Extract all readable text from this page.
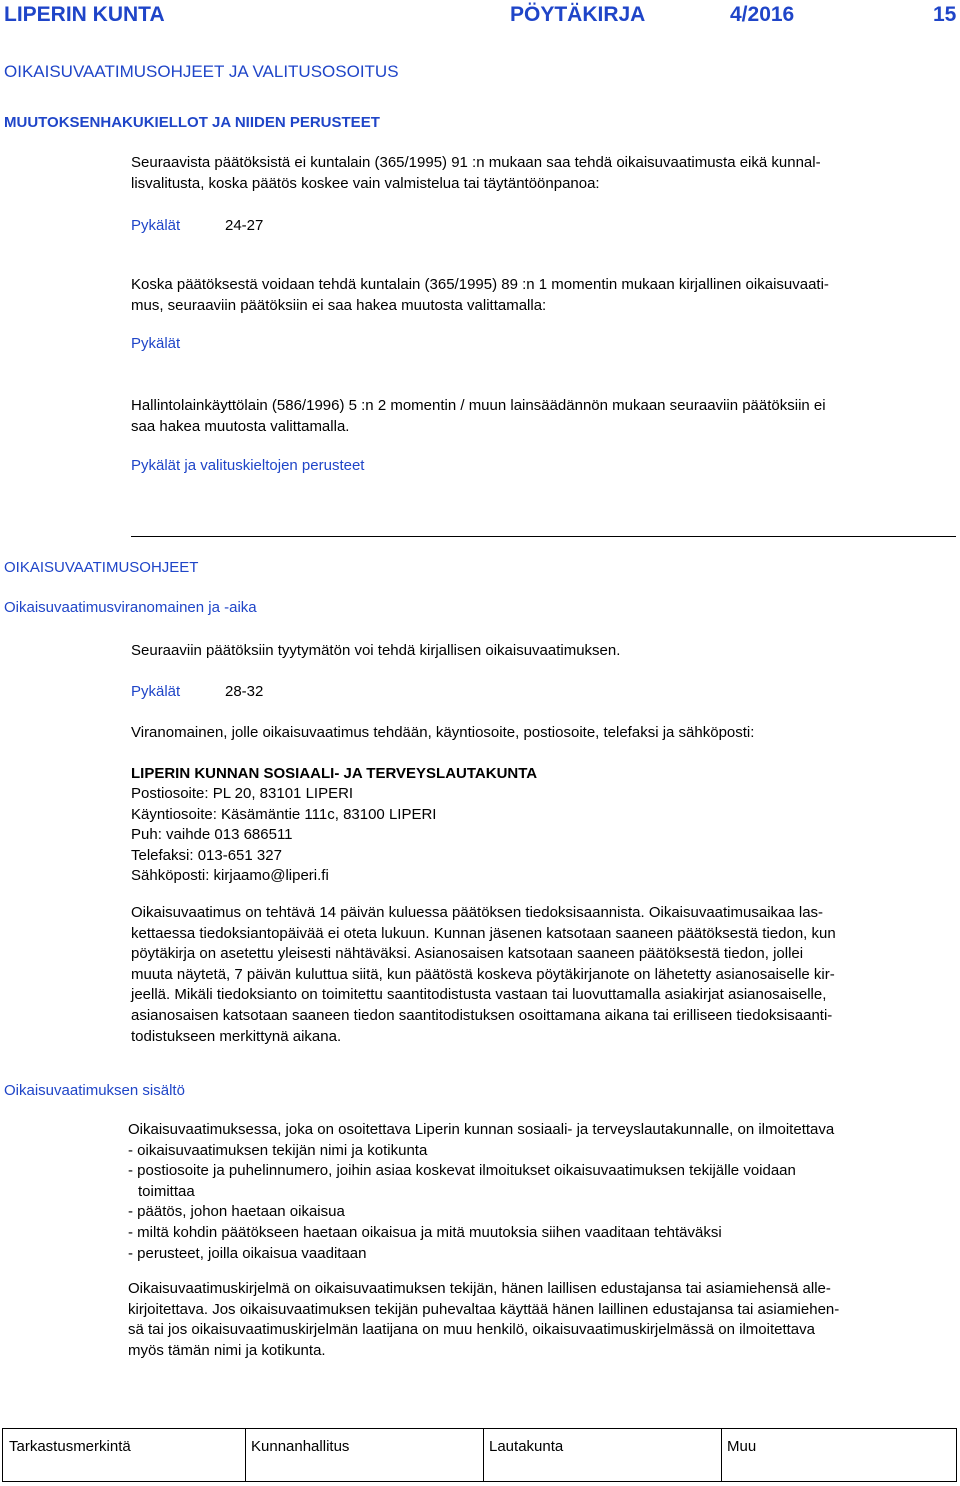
LIPERIN KUNTA	PÖYTÄKIRJA	4/2016	15
OIKAISUVAATIMUSOHJEET JA VALITUSOSOITUS
MUUTOKSENHAKUKIELLOT JA NIIDEN PERUSTEET
Seuraavista päätöksistä ei kuntalain (365/1995) 91 :n mukaan saa tehdä oikaisuvaatimusta eikä kunnal-
lisvalitusta, koska päätös koskee vain valmistelua tai täytäntöönpanoa:
Pykälät	24-27
Koska päätöksestä voidaan tehdä kuntalain (365/1995) 89 :n 1 momentin mukaan kirjallinen oikaisuvaati-
mus, seuraaviin päätöksiin ei saa hakea muutosta valittamalla:
Pykälät
Hallintolainkäyttölain (586/1996) 5 :n 2 momentin / muun lainsäädännön mukaan seuraaviin päätöksiin ei
saa hakea muutosta valittamalla.
Pykälät ja valituskieltojen perusteet
OIKAISUVAATIMUSOHJEET
Oikaisuvaatimusviranomainen ja -aika
Seuraaviin päätöksiin tyytymätön voi tehdä kirjallisen oikaisuvaatimuksen.
Pykälät	28-32
Viranomainen, jolle oikaisuvaatimus tehdään, käyntiosoite, postiosoite, telefaksi ja sähköposti:
LIPERIN KUNNAN SOSIAALI- JA TERVEYSLAUTAKUNTA
Postiosoite: PL 20, 83101 LIPERI
Käyntiosoite: Käsämäntie 111c, 83100 LIPERI
Puh: vaihde 013 686511
Telefaksi: 013-651 327
Sähköposti: kirjaamo@liperi.fi
Oikaisuvaatimus on tehtävä 14 päivän kuluessa päätöksen tiedoksisaannista. Oikaisuvaatimusaikaa las-
kettaessa tiedoksiantopäivää ei oteta lukuun. Kunnan jäsenen katsotaan saaneen päätöksestä tiedon, kun
pöytäkirja on asetettu yleisesti nähtäväksi. Asianosaisen katsotaan saaneen päätöksestä tiedon, jollei
muuta näytetä, 7 päivän kuluttua siitä, kun päätöstä koskeva pöytäkirjanote on lähetetty asianosaiselle kir-
jeellä. Mikäli tiedoksianto on toimitettu saantitodistusta vastaan tai luovuttamalla asiakirjat asianosaiselle,
asianosaisen katsotaan saaneen tiedon saantitodistuksen osoittamana aikana tai erilliseen tiedoksisaanti-
todistukseen merkittynä aikana.
Oikaisuvaatimuksen sisältö
Oikaisuvaatimuksessa, joka on osoitettava Liperin kunnan sosiaali- ja terveyslautakunnalle, on ilmoitettava
- oikaisuvaatimuksen tekijän nimi ja kotikunta
- postiosoite ja puhelinnumero, joihin asiaa koskevat ilmoitukset oikaisuvaatimuksen tekijälle voidaan
toimittaa
- päätös, johon haetaan oikaisua
- miltä kohdin päätökseen haetaan oikaisua ja mitä muutoksia siihen vaaditaan tehtäväksi
- perusteet, joilla oikaisua vaaditaan
Oikaisuvaatimuskirjelmä on oikaisuvaatimuksen tekijän, hänen laillisen edustajansa tai asiamiehensä alle-
kirjoitettava. Jos oikaisuvaatimuksen tekijän puhevaltaa käyttää hänen laillinen edustajansa tai asiamiehen-
sä tai jos oikaisuvaatimuskirjelmän laatijana on muu henkilö, oikaisuvaatimuskirjelmässä on ilmoitettava
myös tämän nimi ja kotikunta.
Tarkastusmerkintä	Kunnanhallitus	Lautakunta	Muu
